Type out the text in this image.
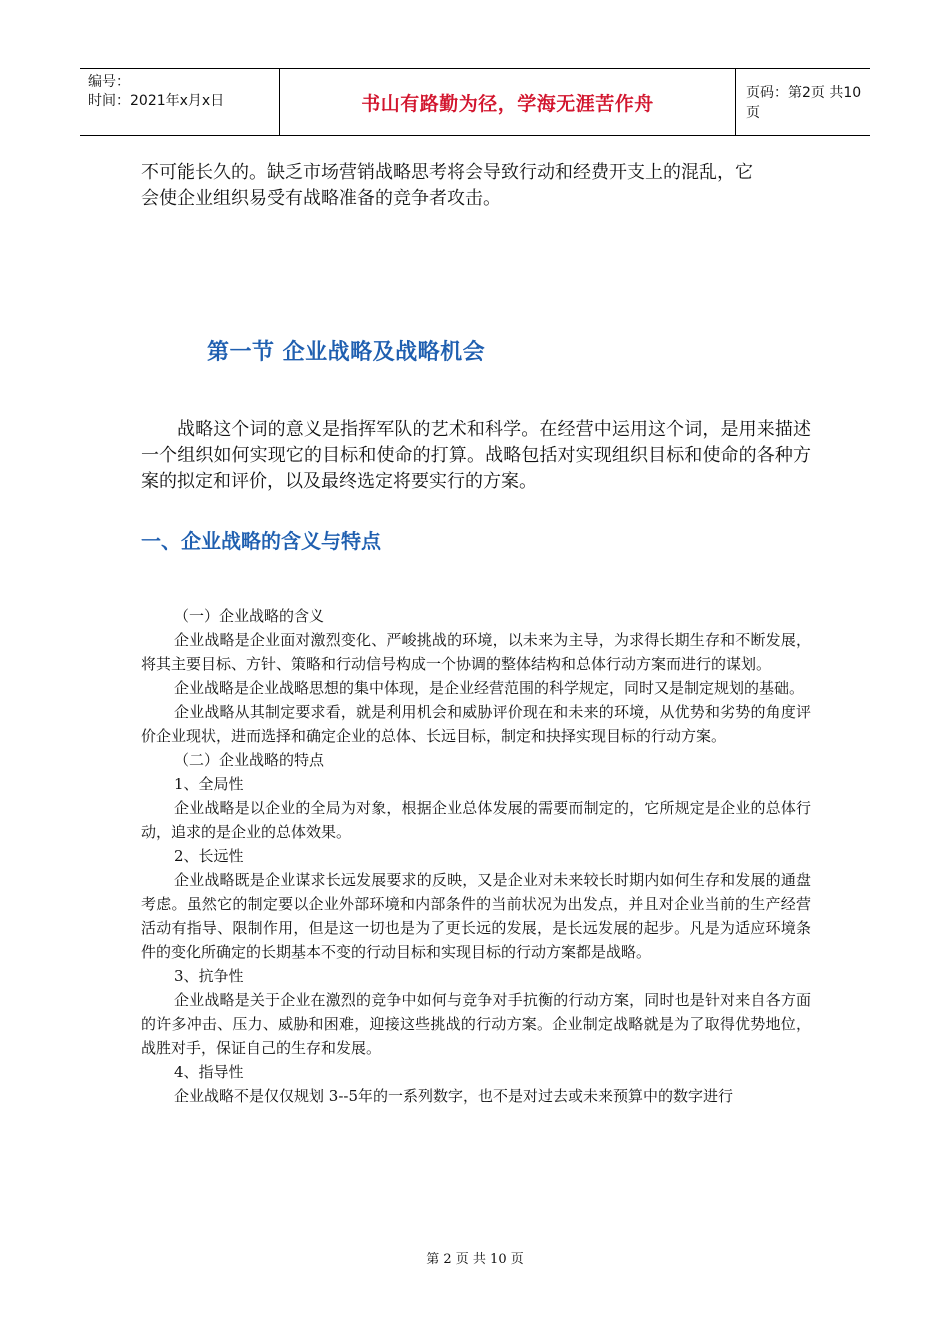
编号：
时间：2021年x月x日	书山有路勤为径，学海无涯苦作舟	页码：第2页 共10页

不可能长久的。缺乏市场营销战略思考将会导致行动和经费开支上的混乱，它

会使企业组织易受有战略准备的竞争者攻击。

第一节 企业战略及战略机会

战略这个词的意义是指挥军队的艺术和科学。在经营中运用这个词，是用来描述一个组织如何实现它的目标和使命的打算。战略包括对实现组织目标和使命的各种方案的拟定和评价，以及最终选定将要实行的方案。

一、企业战略的含义与特点

（一）企业战略的含义

企业战略是企业面对激烈变化、严峻挑战的环境，以未来为主导，为求得长期生存和不断发展，将其主要目标、方针、策略和行动信号构成一个协调的整体结构和总体行动方案而进行的谋划。

企业战略是企业战略思想的集中体现，是企业经营范围的科学规定，同时又是制定规划的基础。

企业战略从其制定要求看，就是利用机会和威胁评价现在和未来的环境，从优势和劣势的角度评价企业现状，进而选择和确定企业的总体、长远目标，制定和抉择实现目标的行动方案。

（二）企业战略的特点

1、全局性

企业战略是以企业的全局为对象，根据企业总体发展的需要而制定的，它所规定是企业的总体行动，追求的是企业的总体效果。

2、长远性

企业战略既是企业谋求长远发展要求的反映，又是企业对未来较长时期内如何生存和发展的通盘考虑。虽然它的制定要以企业外部环境和内部条件的当前状况为出发点，并且对企业当前的生产经营活动有指导、限制作用，但是这一切也是为了更长远的发展，是长远发展的起步。凡是为适应环境条件的变化所确定的长期基本不变的行动目标和实现目标的行动方案都是战略。

3、抗争性

企业战略是关于企业在激烈的竞争中如何与竞争对手抗衡的行动方案，同时也是针对来自各方面的许多冲击、压力、威胁和困难，迎接这些挑战的行动方案。企业制定战略就是为了取得优势地位，战胜对手，保证自己的生存和发展。

4、指导性

企业战略不是仅仅规划 3--5年的一系列数字，也不是对过去或未来预算中的数字进行

第 2 页 共 10 页
